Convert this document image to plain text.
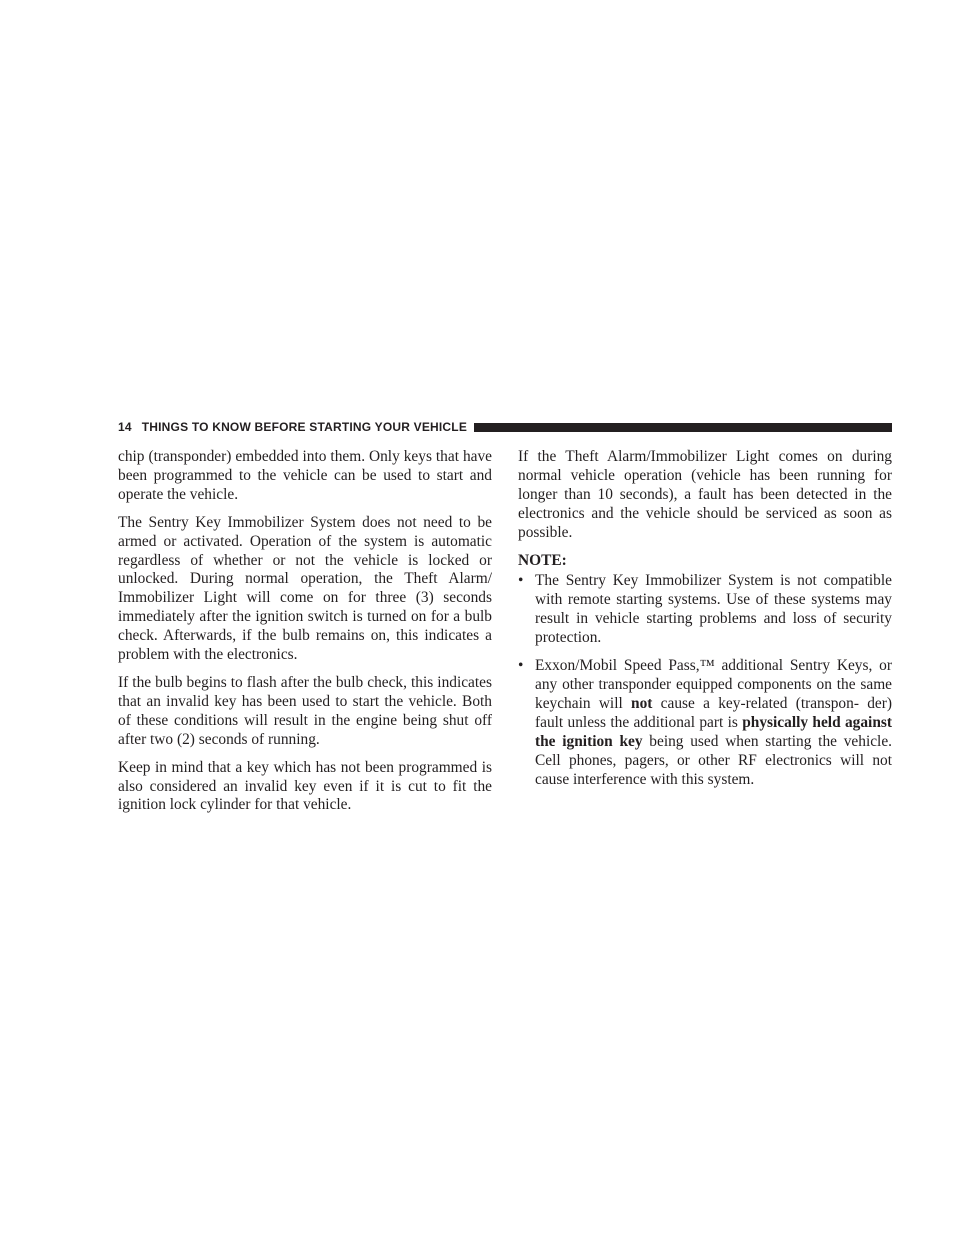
14 THINGS TO KNOW BEFORE STARTING YOUR VEHICLE

chip (transponder) embedded into them. Only keys that have been programmed to the vehicle can be used to start and operate the vehicle.

The Sentry Key Immobilizer System does not need to be armed or activated. Operation of the system is automatic regardless of whether or not the vehicle is locked or unlocked. During normal operation, the Theft Alarm/ Immobilizer Light will come on for three (3) seconds immediately after the ignition switch is turned on for a bulb check. Afterwards, if the bulb remains on, this indicates a problem with the electronics.

If the bulb begins to flash after the bulb check, this indicates that an invalid key has been used to start the vehicle. Both of these conditions will result in the engine being shut off after two (2) seconds of running.

Keep in mind that a key which has not been programmed is also considered an invalid key even if it is cut to fit the ignition lock cylinder for that vehicle.

If the Theft Alarm/Immobilizer Light comes on during normal vehicle operation (vehicle has been running for longer than 10 seconds), a fault has been detected in the electronics and the vehicle should be serviced as soon as possible.

NOTE:

• The Sentry Key Immobilizer System is not compatible with remote starting systems. Use of these systems may result in vehicle starting problems and loss of security protection.
• Exxon/Mobil Speed Pass,™ additional Sentry Keys, or any other transponder equipped components on the same keychain will not cause a key-related (transpon- der) fault unless the additional part is physically held against the ignition key being used when starting the vehicle. Cell phones, pagers, or other RF electronics will not cause interference with this system.
